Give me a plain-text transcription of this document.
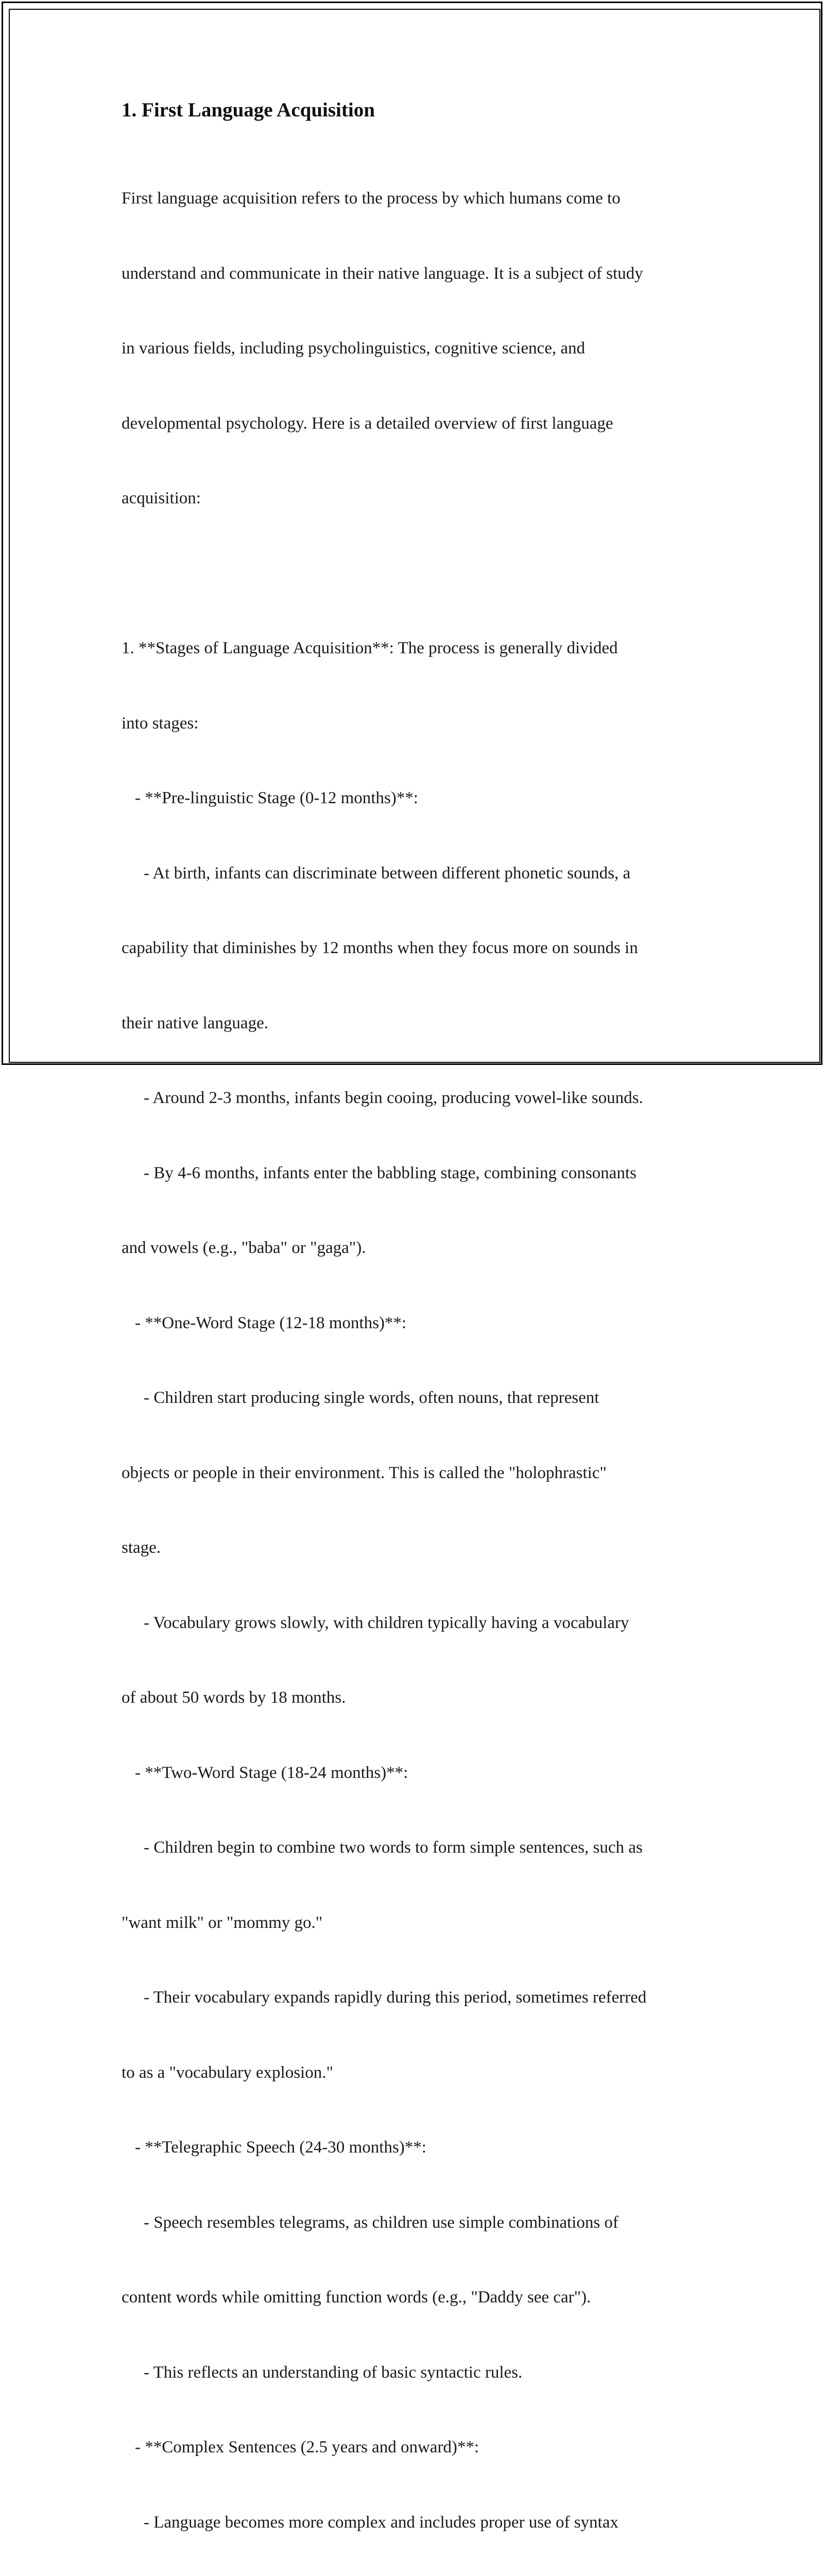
1. First Language Acquisition

First language acquisition refers to the process by which humans come to

understand and communicate in their native language. It is a subject of study

in various fields, including psycholinguistics, cognitive science, and

developmental psychology. Here is a detailed overview of first language

acquisition:

1. **Stages of Language Acquisition**: The process is generally divided

into stages:

- **Pre-linguistic Stage (0-12 months)**:

- At birth, infants can discriminate between different phonetic sounds, a

capability that diminishes by 12 months when they focus more on sounds in

their native language.

- Around 2-3 months, infants begin cooing, producing vowel-like sounds.

- By 4-6 months, infants enter the babbling stage, combining consonants

and vowels (e.g., "baba" or "gaga").

- **One-Word Stage (12-18 months)**:

- Children start producing single words, often nouns, that represent

objects or people in their environment. This is called the "holophrastic"

stage.

- Vocabulary grows slowly, with children typically having a vocabulary

of about 50 words by 18 months.

- **Two-Word Stage (18-24 months)**:

- Children begin to combine two words to form simple sentences, such as

"want milk" or "mommy go."

- Their vocabulary expands rapidly during this period, sometimes referred

to as a "vocabulary explosion."

- **Telegraphic Speech (24-30 months)**:

- Speech resembles telegrams, as children use simple combinations of

content words while omitting function words (e.g., "Daddy see car").

- This reflects an understanding of basic syntactic rules.

- **Complex Sentences (2.5 years and onward)**:

- Language becomes more complex and includes proper use of syntax
